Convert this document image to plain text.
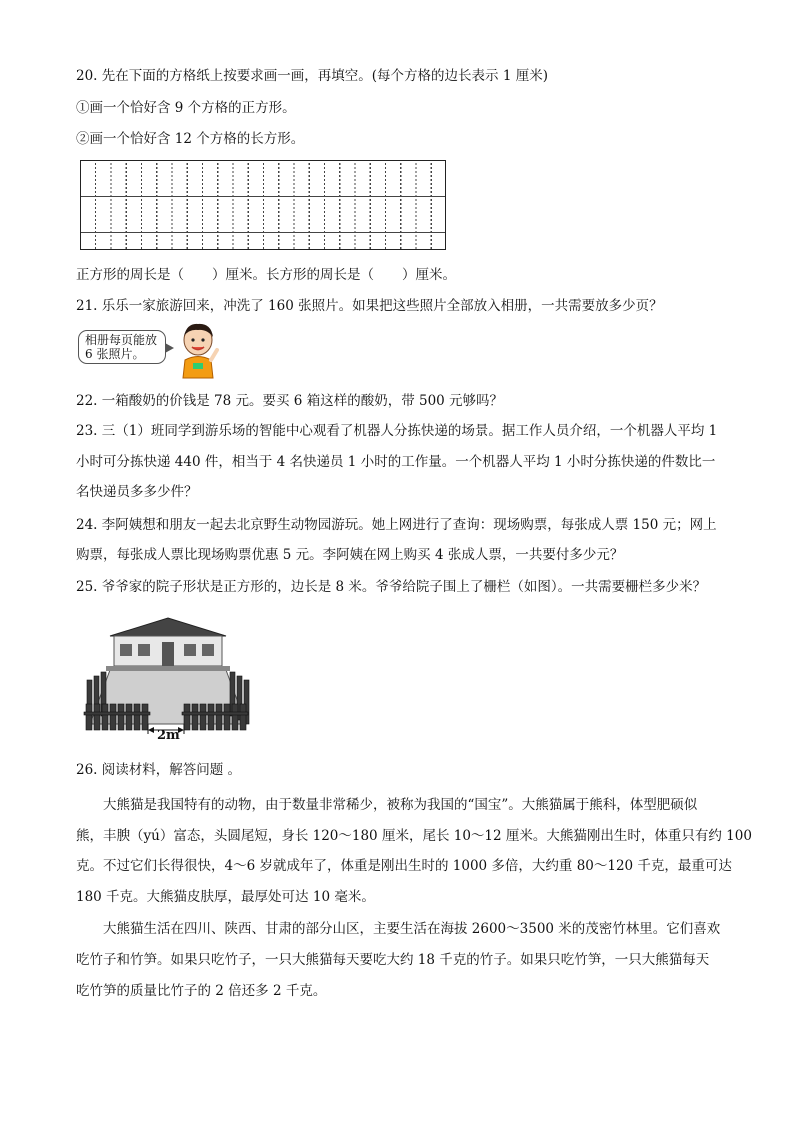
20. 先在下面的方格纸上按要求画一画，再填空。(每个方格的边长表示 1 厘米)
①画一个恰好含 9 个方格的正方形。
②画一个恰好含 12 个方格的长方形。
正方形的周长是（ ）厘米。长方形的周长是（ ）厘米。
21. 乐乐一家旅游回来，冲洗了 160 张照片。如果把这些照片全部放入相册，一共需要放多少页？
相册每页能放
6 张照片。
22. 一箱酸奶的价钱是 78 元。要买 6 箱这样的酸奶，带 500 元够吗？
23. 三（1）班同学到游乐场的智能中心观看了机器人分拣快递的场景。据工作人员介绍，一个机器人平均 1
小时可分拣快递 440 件，相当于 4 名快递员 1 小时的工作量。一个机器人平均 1 小时分拣快递的件数比一
名快递员多多少件？
24. 李阿姨想和朋友一起去北京野生动物园游玩。她上网进行了查询：现场购票，每张成人票 150 元；网上
购票，每张成人票比现场购票优惠 5 元。李阿姨在网上购买 4 张成人票，一共要付多少元？
25. 爷爷家的院子形状是正方形的，边长是 8 米。爷爷给院子围上了栅栏（如图）。一共需要栅栏多少米？
2m
26. 阅读材料，解答问题 。
大熊猫是我国特有的动物，由于数量非常稀少，被称为我国的“国宝”。大熊猫属于熊科，体型肥硕似
熊，丰腴（yú）富态，头圆尾短，身长 120～180 厘米，尾长 10～12 厘米。大熊猫刚出生时，体重只有约 100
克。不过它们长得很快，4～6 岁就成年了，体重是刚出生时的 1000 多倍，大约重 80～120 千克，最重可达
180 千克。大熊猫皮肤厚，最厚处可达 10 毫米。
大熊猫生活在四川、陕西、甘肃的部分山区，主要生活在海拔 2600～3500 米的茂密竹林里。它们喜欢
吃竹子和竹笋。如果只吃竹子，一只大熊猫每天要吃大约 18 千克的竹子。如果只吃竹笋，一只大熊猫每天
吃竹笋的质量比竹子的 2 倍还多 2 千克。
